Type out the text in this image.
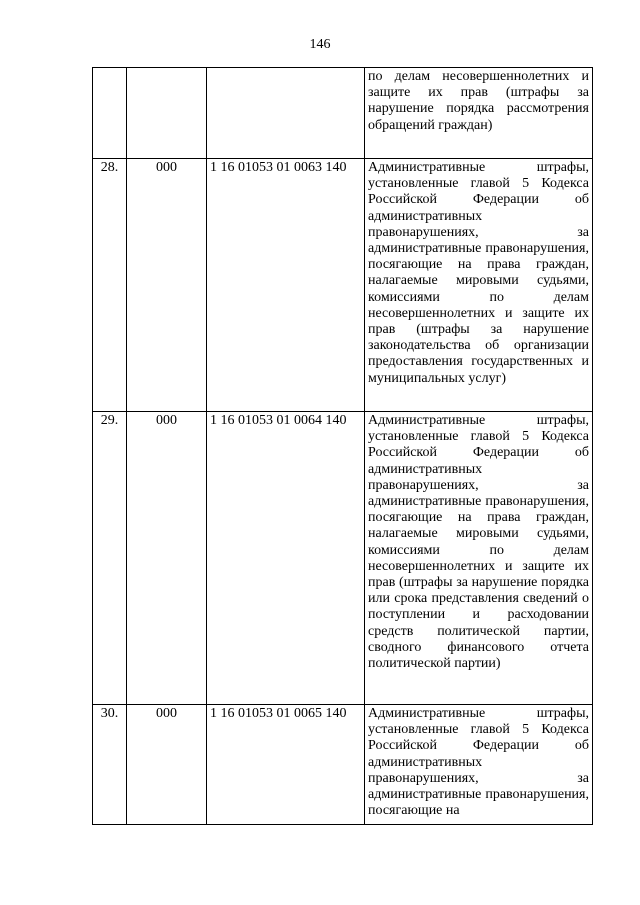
146

			по делам несовершеннолетних и защите их прав (штрафы за нарушение порядка рассмотрения обращений граждан)

28.	000	1 16 01053 01 0063 140	Административные штрафы, установленные главой 5 Кодекса Российской Федерации об административных правонарушениях, за административные правонарушения, посягающие на права граждан, налагаемые мировыми судьями, комиссиями по делам несовершеннолетних и защите их прав (штрафы за нарушение законодательства об организации предоставления государственных и муниципальных услуг)

29.	000	1 16 01053 01 0064 140	Административные штрафы, установленные главой 5 Кодекса Российской Федерации об административных правонарушениях, за административные правонарушения, посягающие на права граждан, налагаемые мировыми судьями, комиссиями по делам несовершеннолетних и защите их прав (штрафы за нарушение порядка или срока представления сведений о поступлении и расходовании средств политической партии, сводного финансового отчета политической партии)

30.	000	1 16 01053 01 0065 140	Административные штрафы, установленные главой 5 Кодекса Российской Федерации об административных правонарушениях, за административные правонарушения, посягающие на
